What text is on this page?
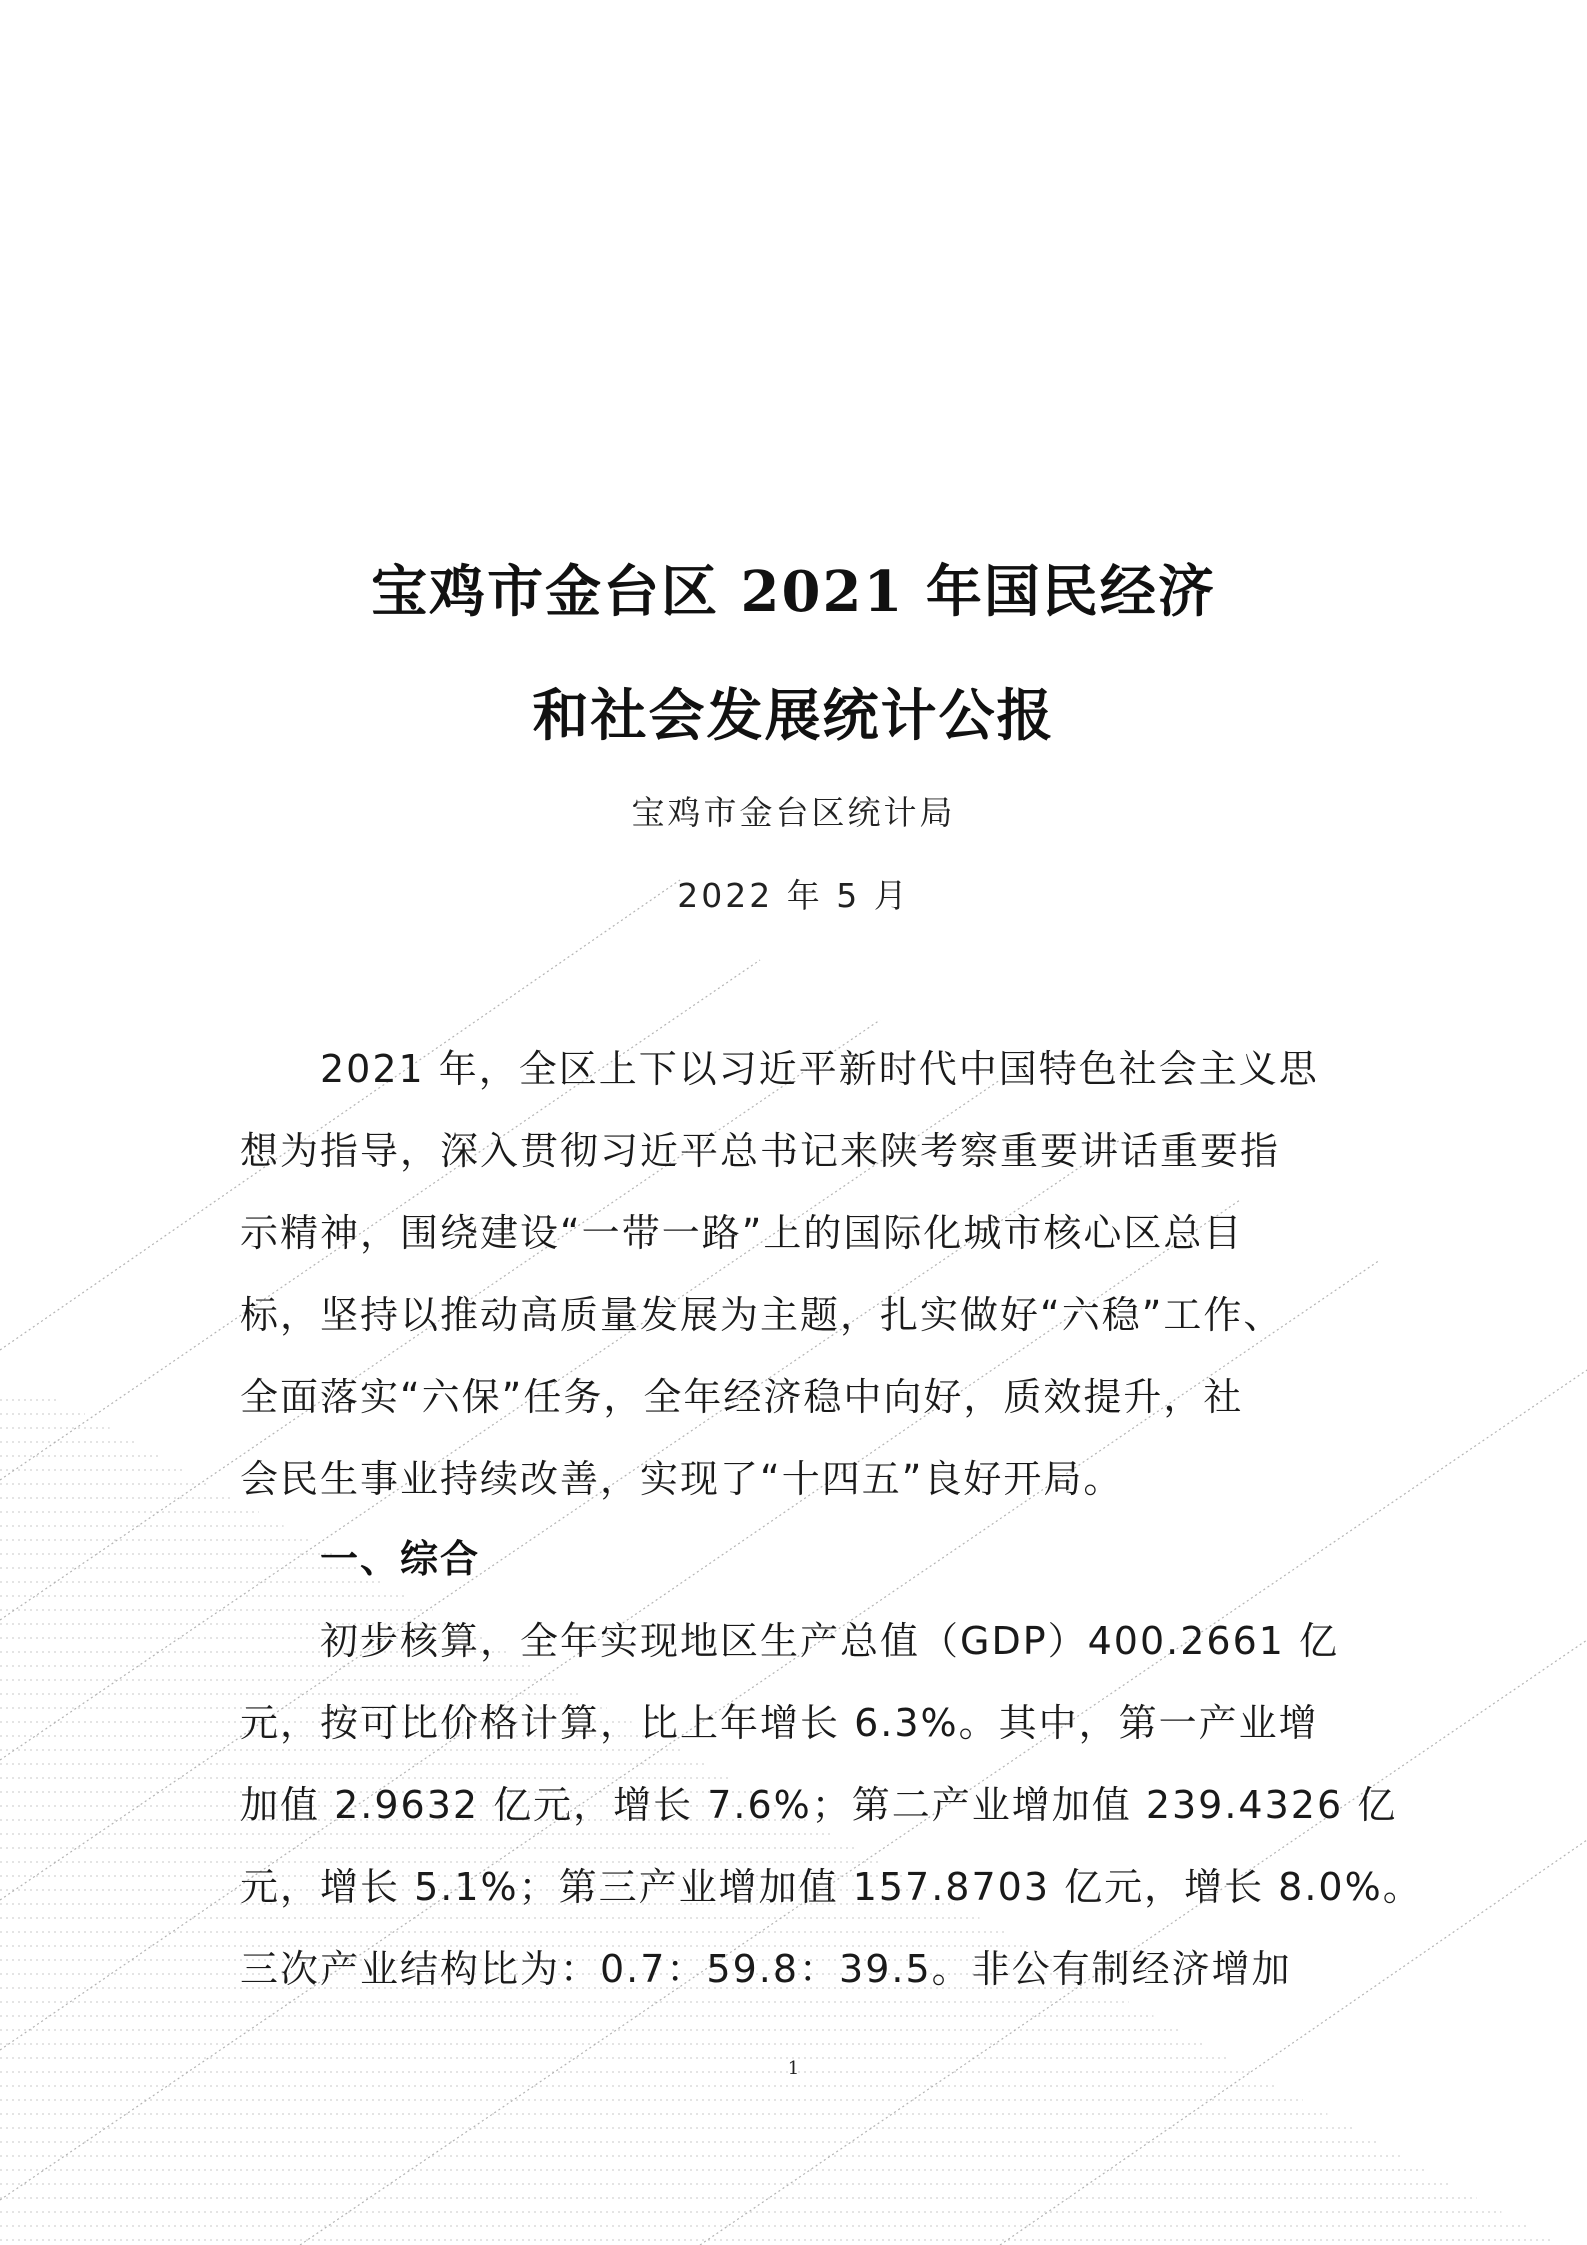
宝鸡市金台区 2021 年国民经济
和社会发展统计公报
宝鸡市金台区统计局
2022 年 5 月
2021 年，全区上下以习近平新时代中国特色社会主义思
想为指导，深入贯彻习近平总书记来陕考察重要讲话重要指
示精神，围绕建设“一带一路”上的国际化城市核心区总目
标，坚持以推动高质量发展为主题，扎实做好“六稳”工作、
全面落实“六保”任务，全年经济稳中向好，质效提升，社
会民生事业持续改善，实现了“十四五”良好开局。
一、综合
初步核算，全年实现地区生产总值（GDP）400.2661 亿
元，按可比价格计算，比上年增长 6.3%。其中，第一产业增
加值 2.9632 亿元，增长 7.6%；第二产业增加值 239.4326 亿
元，增长 5.1%；第三产业增加值 157.8703 亿元，增长 8.0%。
三次产业结构比为：0.7：59.8：39.5。非公有制经济增加
1
